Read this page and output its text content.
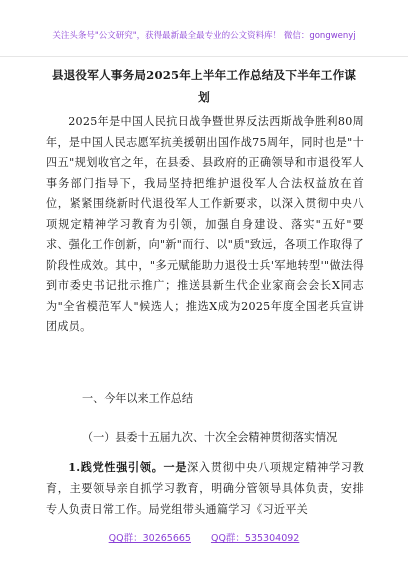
关注头条号"公文研究"，获得最新最全最专业的公文资料库！ 微信：gongwenyj
县退役军人事务局2025年上半年工作总结及下半年工作谋划

2025年是中国人民抗日战争暨世界反法西斯战争胜利80周年，是中国人民志愿军抗美援朝出国作战75周年，同时也是"十四五"规划收官之年，在县委、县政府的正确领导和市退役军人事务部门指导下，我局坚持把维护退役军人合法权益放在首位，紧紧围绕新时代退役军人工作新要求，以深入贯彻中央八项规定精神学习教育为引领，加强自身建设、落实"五好"要求、强化工作创新，向"新"而行、以"质"致远，各项工作取得了阶段性成效。其中，"多元赋能助力退役士兵'军地转型'"做法得到市委史书记批示推广；推送县新生代企业家商会会长X同志为"全省模范军人"候选人；推选X成为2025年度全国老兵宣讲团成员。

一、今年以来工作总结

（一）县委十五届九次、十次全会精神贯彻落实情况

1.践党性强引领。一是深入贯彻中央八项规定精神学习教育，主要领导亲自抓学习教育，明确分管领导具体负责，安排专人负责日常工作。局党组带头通篇学习《习近平关

QQ群：30265665 QQ群：535304092
